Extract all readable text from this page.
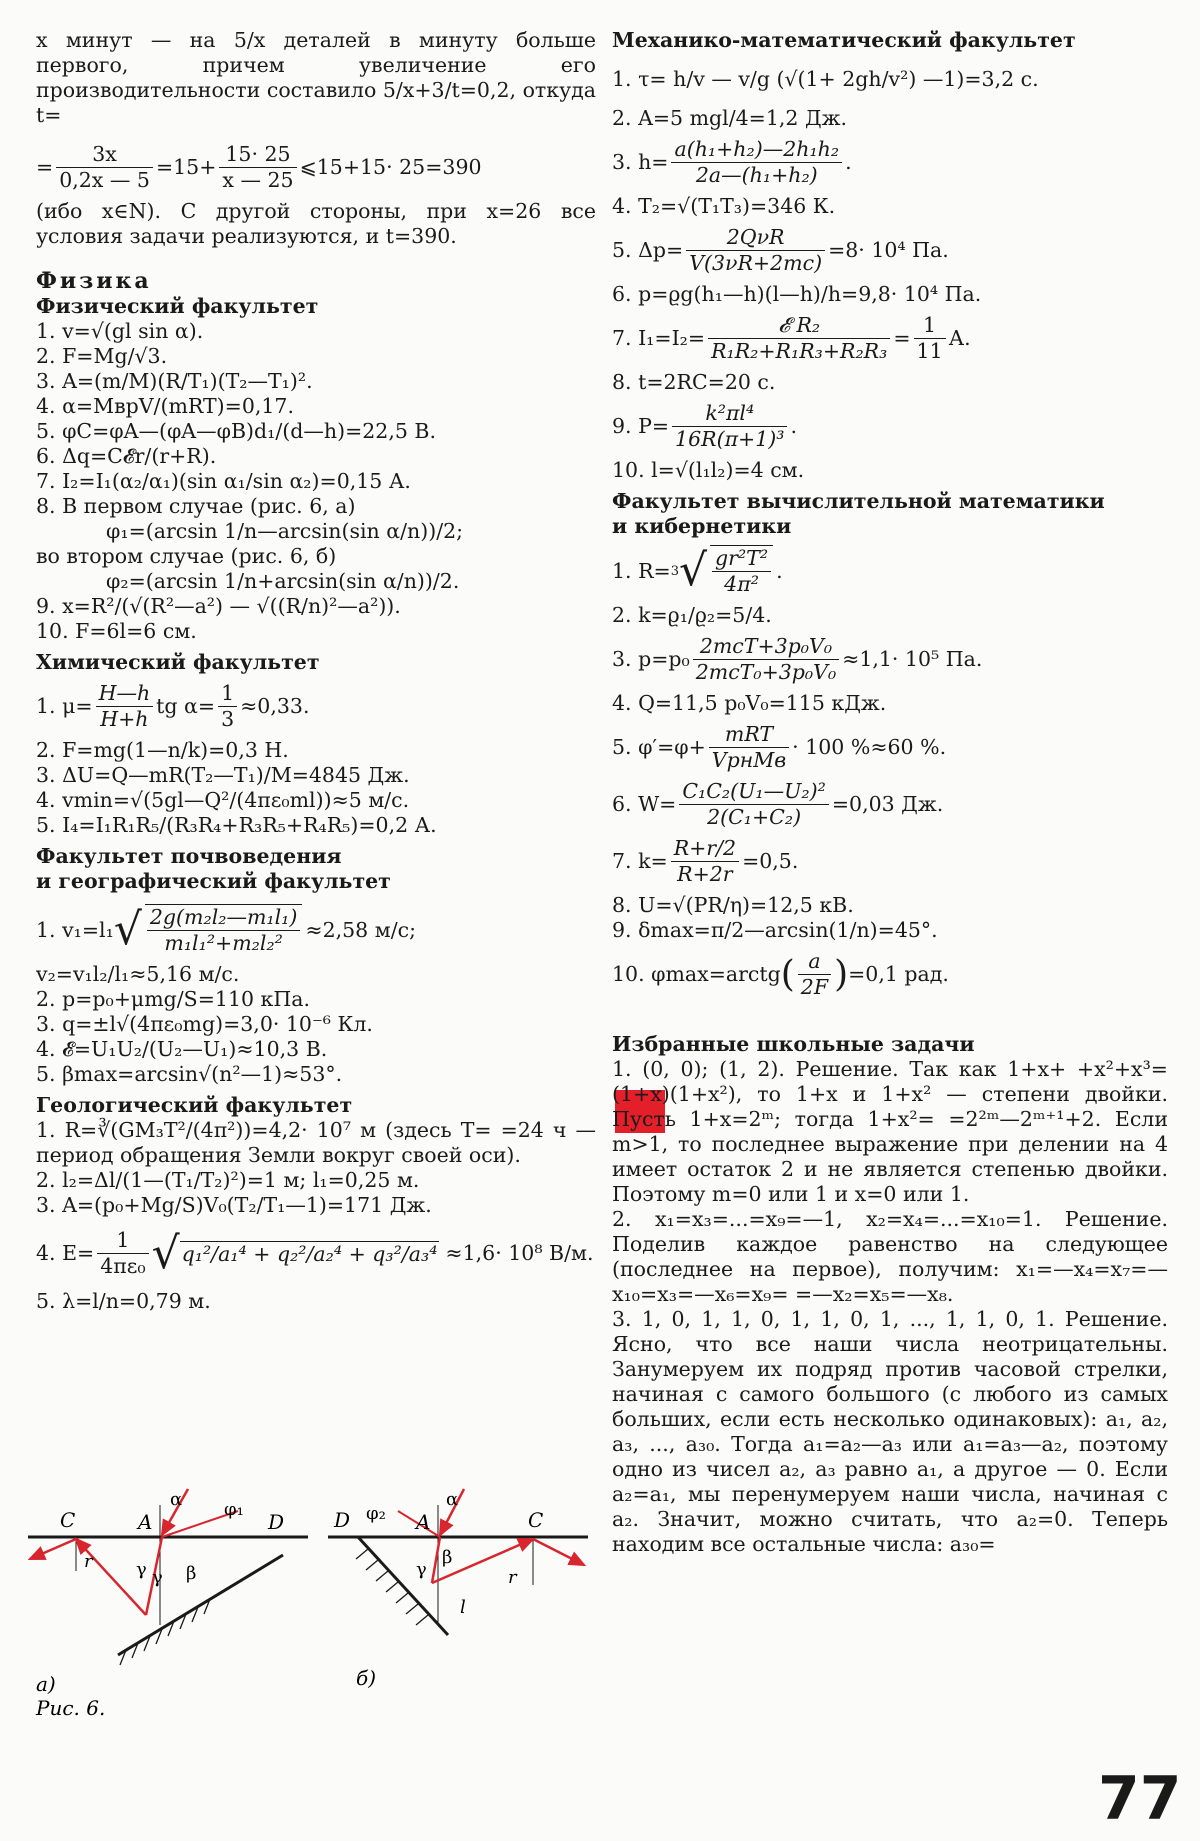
x минут — на 5/x деталей в минуту больше первого, причем увеличение его производительности составило 5/x+3/t=0,2, откуда t=

= $\frac{3x}{0,2x — 5} =15+ \frac{15\cdot 25}{x — 25}$ ⩽15+15· 25=390

(ибо x∈N). С другой стороны, при x=26 все условия задачи реализуются, и t=390.

Физика

Физический факультет

1. v=√(gl sin α).

2. F=Mg/√3.

3. A=(m/M)(R/T₁)(T₂—T₁)².

4. α=MвpV/(mRT)=0,17.

5. φC=φA—(φA—φB)d₁/(d—h)=22,5 В.

6. Δq=C𝓔r/(r+R).

7. I₂=I₁(α₂/α₁)(sin α₁/sin α₂)=0,15 А.

8. В первом случае (рис. 6, а)

φ₁=(arcsin 1/n—arcsin(sin α/n))/2;

во втором случае (рис. 6, б)

φ₂=(arcsin 1/n+arcsin(sin α/n))/2.

9. x=R²/(√(R²—a²) — √((R/n)²—a²)).

10. F=6l=6 см.

Химический факультет

1. $\mu= \frac{H—h}{H+h}$ tg $\alpha= \frac{1}{3} \approx 0,33$.

2. F=mg(1—n/k)=0,3 Н.

3. ΔU=Q—mR(T₂—T₁)/M=4845 Дж.

4. vmin=√(5gl—Q²/(4πε₀ml))≈5 м/с.

5. I₄=I₁R₁R₅/(R₃R₄+R₃R₅+R₄R₅)=0,2 А.

Факультет почвоведения

и географический факультет

1. v₁=l₁ √ $\frac{\text{2g(m₂l₂—m₁l₁)}}{\text{m₁l₁²+m₂l₂²}} \approx 2,58$ м/с;

v₂=v₁l₂/l₁≈5,16 м/с.

2. p=p₀+μmg/S=110 кПа.

3. q=±l√(4πε₀mg)=3,0· 10⁻⁶ Кл.

4. 𝓔=U₁U₂/(U₂—U₁)≈10,3 В.

5. βmax=arcsin√(n²—1)≈53°.

Геологический факультет

1. R=∛(GM₃T²/(4π²))=4,2· 10⁷ м (здесь T= =24 ч — период обращения Земли вокруг своей оси).

2. l₂=Δl/(1—(T₁/T₂)²)=1 м; l₁=0,25 м.

3. A=(p₀+Mg/S)V₀(T₂/T₁—1)=171 Дж.

4. $E= \frac{1}{\text{4πε₀}}$ √ q₁²/a₁⁴ + q₂²/a₂⁴ + q₃²/a₃⁴ ≈1,6· 10⁸ В/м.

5. λ=l/n=0,79 м.

C	A	D
α φ₁
r γ γ β
а)
D φ₂ A
α
C
γ
β
r
l
б)
Рис. 6.

Механико-математический факультет

1. τ= h/v — v/g (√(1+ 2gh/v²) —1)=3,2 с.

2. A=5 mgl/4=1,2 Дж.

3. $h= \frac{\text{a(h₁+h₂)—2h₁h₂}}{\text{2a—(h₁+h₂)}}$ .

4. T₂=√(T₁T₃)=346 К.

5. $\Delta p= \frac{\text{2QνR}}{V(3\nu R+2mc)} =8\cdot 10^4$ Па.

6. p=ϱg(h₁—h)(l—h)/h=9,8· 10⁴ Па.

7. $I_1=I_2= \frac{\text{𝓔 R₂}}{\text{R₁R₂+R₁R₃+R₂R₃}} = \frac{1}{11} А$.

8. t=2RC=20 с.

9. $P= \frac{\text{k²πl⁴}}{\text{16R(π+1)³}}$ .

10. l=√(l₁l₂)=4 см.

Факультет вычислительной математики

и кибернетики

1. R= 3 √ $\frac{\text{gr²T²}}{\text{4π²}}$ .

2. k=ϱ₁/ϱ₂=5/4.

3. $p=p_0 \frac{\text{2mcT+3p₀V₀}}{\text{2mcT₀+3p₀V₀}} \approx 1,1\cdot 10^5$ Па.

4. Q=11,5 p₀V₀=115 кДж.

5. $\varphi'=\varphi+ \frac{\text{mRT}}{\text{VpнMв}} \cdot 100$ %≈60 %.
6. $W= \frac{\text{C₁C₂(U₁—U₂)²}}{\text{2(C₁+C₂)}} =0,03$ Дж.
7. $k= \frac{R+r/2}{R+2r} =0,5$.

8. U=√(PR/η)=12,5 кВ.

9. δmax=π/2—arcsin(1/n)=45°.

10. φmax=arctg ( $\frac{a}{2F}$ ) =0,1 рад.

Избранные школьные задачи

1. (0, 0); (1, 2). Решение. Так как 1+x+ +x²+x³=(1+x)(1+x²), то 1+x и 1+x² — степени двойки. Пусть 1+x=2ᵐ; тогда 1+x²= =2²ᵐ—2ᵐ⁺¹+2. Если m>1, то последнее выражение при делении на 4 имеет остаток 2 и не является степенью двойки. Поэтому m=0 или 1 и x=0 или 1.

2. x₁=x₃=...=x₉=—1, x₂=x₄=...=x₁₀=1. Решение. Поделив каждое равенство на следующее (последнее на первое), получим: x₁=—x₄=x₇=—x₁₀=x₃=—x₆=x₉= =—x₂=x₅=—x₈.

3. 1, 0, 1, 1, 0, 1, 1, 0, 1, ..., 1, 1, 0, 1. Решение. Ясно, что все наши числа неотрицательны. Занумеруем их подряд против часовой стрелки, начиная с самого большого (с любого из самых больших, если есть несколько одинаковых): a₁, a₂, a₃, ..., a₃₀. Тогда a₁=a₂—a₃ или a₁=a₃—a₂, поэтому одно из чисел a₂, a₃ равно a₁, а другое — 0. Если a₂=a₁, мы перенумеруем наши числа, начиная с a₂. Значит, можно считать, что a₂=0. Теперь находим все остальные числа: a₃₀=

77
